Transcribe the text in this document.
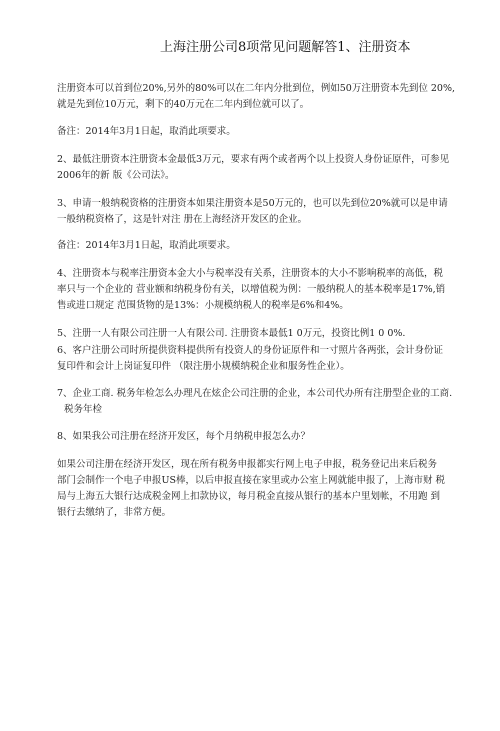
上海注册公司8项常见问题解答1、注册资本
注册资本可以首到位20%,另外的80%可以在二年内分批到位，例如50万注册资本先到位 20%,
就是先到位10万元，剩下的40万元在二年内到位就可以了。
备注：2014年3月1日起，取消此项要求。
2、最低注册资本注册资本金最低3万元，要求有两个或者两个以上投资人身份证原件，可参见
2006年的新 版《公司法》。
3、申请一般纳税资格的注册资本如果注册资本是50万元的，也可以先到位20%就可以是申请
一般纳税资格了，这是针对注 册在上海经济开发区的企业。
备注：2014年3月1日起，取消此项要求。
4、注册资本与税率注册资本金大小与税率没有关系，注册资本的大小不影响税率的高低，税
率只与一个企业的 营业额和纳税身份有关，以增值税为例：一般纳税人的基本税率是17%,销
售或进口规定 范围货物的是13%：小规模纳税人的税率是6%和4%。
5、注册一人有限公司注册一人有限公司. 注册资本最低1 0万元，投资比例1 0 0%.
6、客户注册公司时所提供资料提供所有投资人的身份证原件和一寸照片各两张，会计身份证
复印件和会计上岗证复印件 （限注册小规模纳税企业和服务性企业）。
7、企业工商. 税务年检怎么办理凡在炫企公司注册的企业，本公司代办所有注册型企业的工商.
税务年检
8、如果我公司注册在经济开发区，每个月纳税申报怎么办？
如果公司注册在经济开发区，现在所有税务申报都实行网上电子申报，税务登记出来后税务
部门会制作一个电子申报US棒，以后申报直接在家里或办公室上网就能申报了，上海市财 税
局与上海五大银行达成税金网上扣款协议，每月税金直接从银行的基本户里划帐，不用跑 到
银行去缴纳了，非常方便。
